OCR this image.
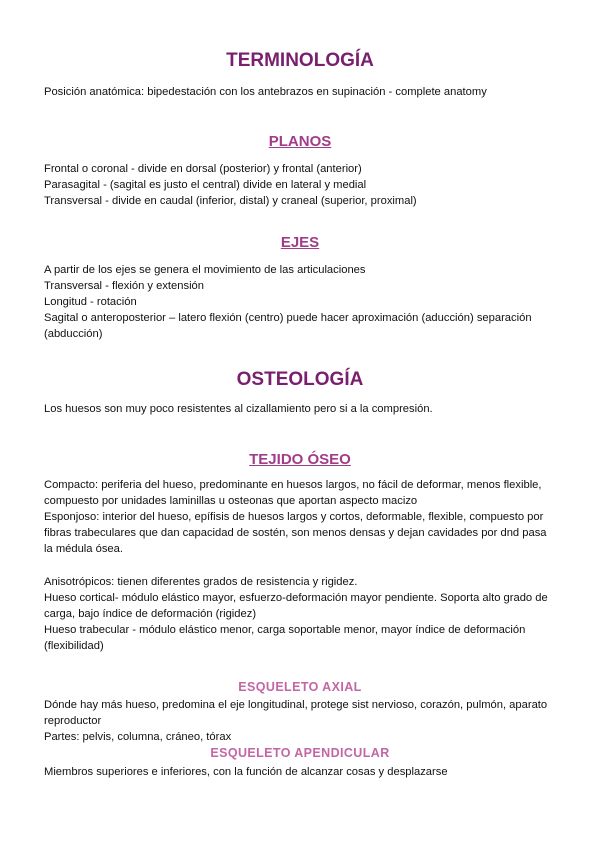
TERMINOLOGÍA

Posición anatómica: bipedestación con los antebrazos en supinación - complete anatomy

PLANOS

Frontal o coronal - divide en dorsal (posterior) y frontal (anterior)

Parasagital - (sagital es justo el central) divide en lateral y medial

Transversal - divide en caudal (inferior, distal) y craneal (superior, proximal)

EJES

A partir de los ejes se genera el movimiento de las articulaciones

Transversal - flexión y extensión

Longitud - rotación

Sagital o anteroposterior – latero flexión (centro) puede hacer aproximación (aducción) separación (abducción)

OSTEOLOGÍA

Los huesos son muy poco resistentes al cizallamiento pero si a la compresión.

TEJIDO ÓSEO

Compacto: periferia del hueso, predominante en huesos largos, no fácil de deformar, menos flexible, compuesto por unidades laminillas u osteonas que aportan aspecto macizo

Esponjoso: interior del hueso, epífisis de huesos largos y cortos, deformable, flexible, compuesto por fibras trabeculares que dan capacidad de sostén, son menos densas y dejan cavidades por dnd pasa la médula ósea.

Anisotrópicos: tienen diferentes grados de resistencia y rigidez.

Hueso cortical- módulo elástico mayor, esfuerzo-deformación mayor pendiente. Soporta alto grado de carga, bajo índice de deformación (rigidez)

Hueso trabecular - módulo elástico menor, carga soportable menor, mayor índice de deformación (flexibilidad)

ESQUELETO AXIAL

Dónde hay más hueso, predomina el eje longitudinal, protege sist nervioso, corazón, pulmón, aparato reproductor

Partes: pelvis, columna, cráneo, tórax

ESQUELETO APENDICULAR

Miembros superiores e inferiores, con la función de alcanzar cosas y desplazarse
